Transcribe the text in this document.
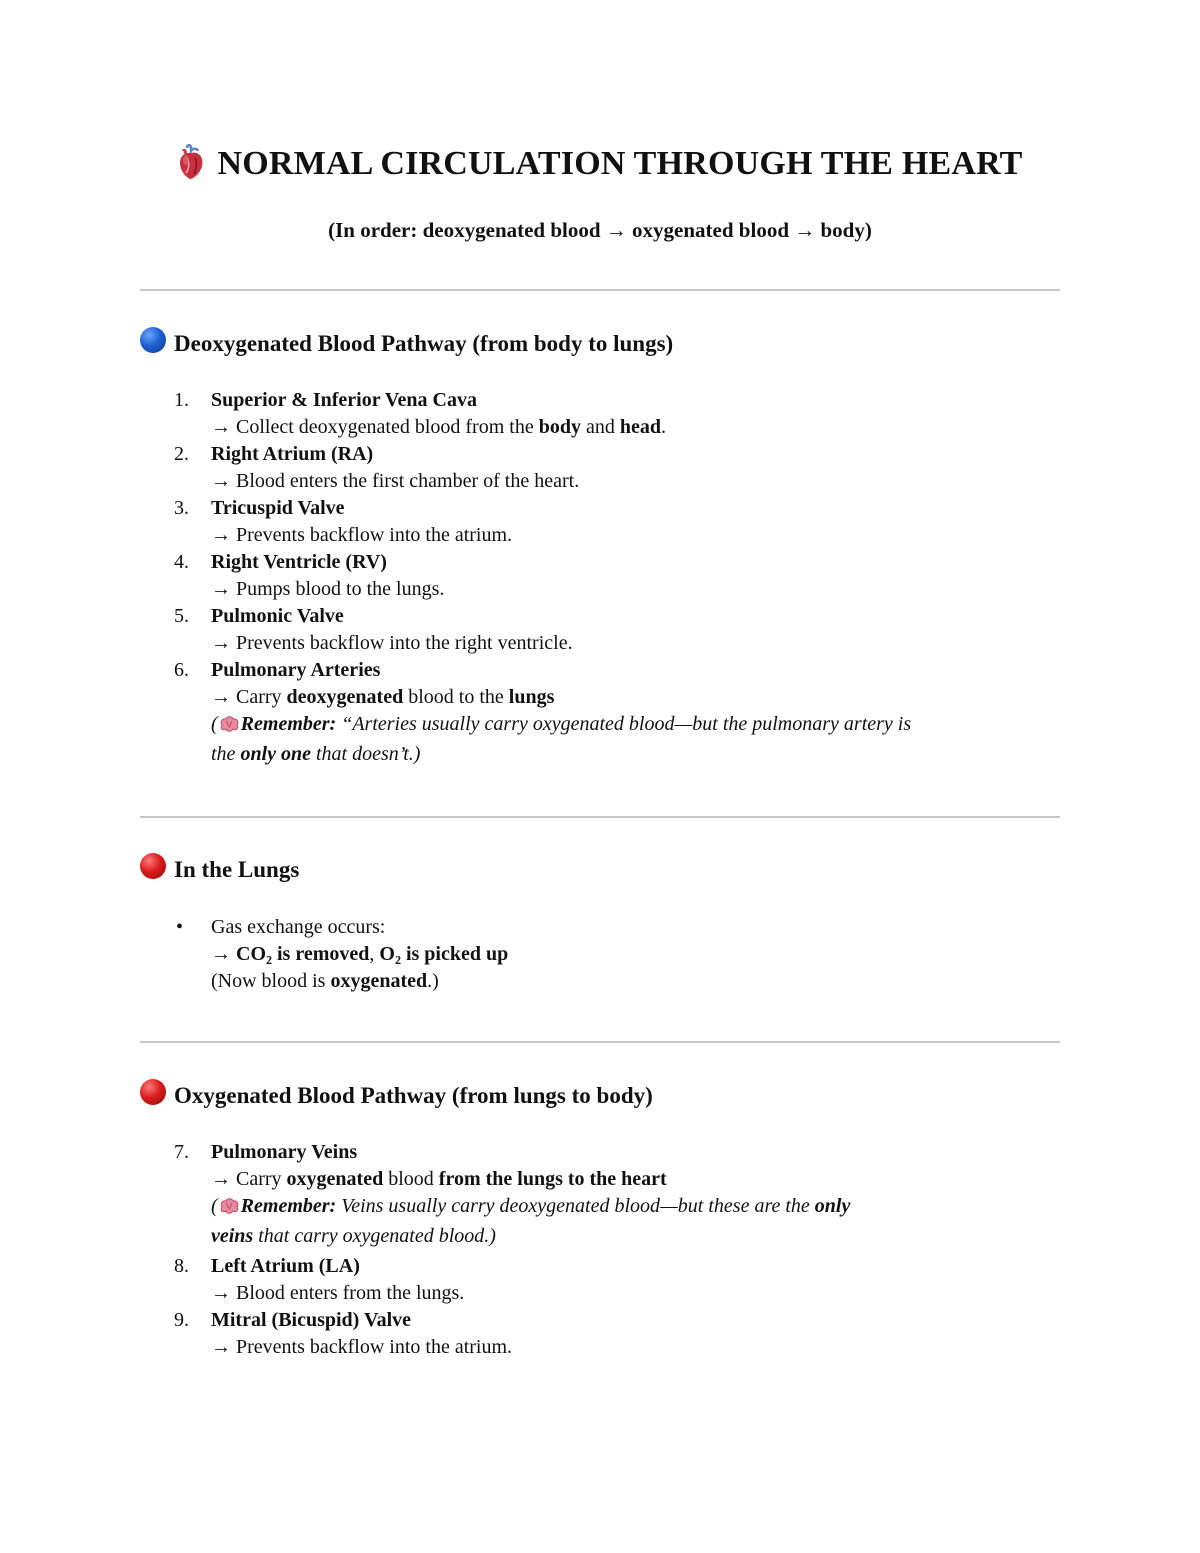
NORMAL CIRCULATION THROUGH THE HEART
(In order: deoxygenated blood → oxygenated blood → body)
Deoxygenated Blood Pathway (from body to lungs)
1.	Superior & Inferior Vena Cava
→ Collect deoxygenated blood from the body and head.
2.	Right Atrium (RA)
→ Blood enters the first chamber of the heart.
3.	Tricuspid Valve
→ Prevents backflow into the atrium.
4.	Right Ventricle (RV)
→ Pumps blood to the lungs.
5.	Pulmonic Valve
→ Prevents backflow into the right ventricle.
6.	Pulmonary Arteries
→ Carry deoxygenated blood to the lungs
( Remember: “Arteries usually carry oxygenated blood—but the pulmonary artery is
the only one that doesn’t.)
In the Lungs
• Gas exchange occurs:
→ CO₂ is removed, O₂ is picked up
(Now blood is oxygenated.)
Oxygenated Blood Pathway (from lungs to body)
7.	Pulmonary Veins
→ Carry oxygenated blood from the lungs to the heart
( Remember: Veins usually carry deoxygenated blood—but these are the only
veins that carry oxygenated blood.)
8.	Left Atrium (LA)
→ Blood enters from the lungs.
9.	Mitral (Bicuspid) Valve
→ Prevents backflow into the atrium.
